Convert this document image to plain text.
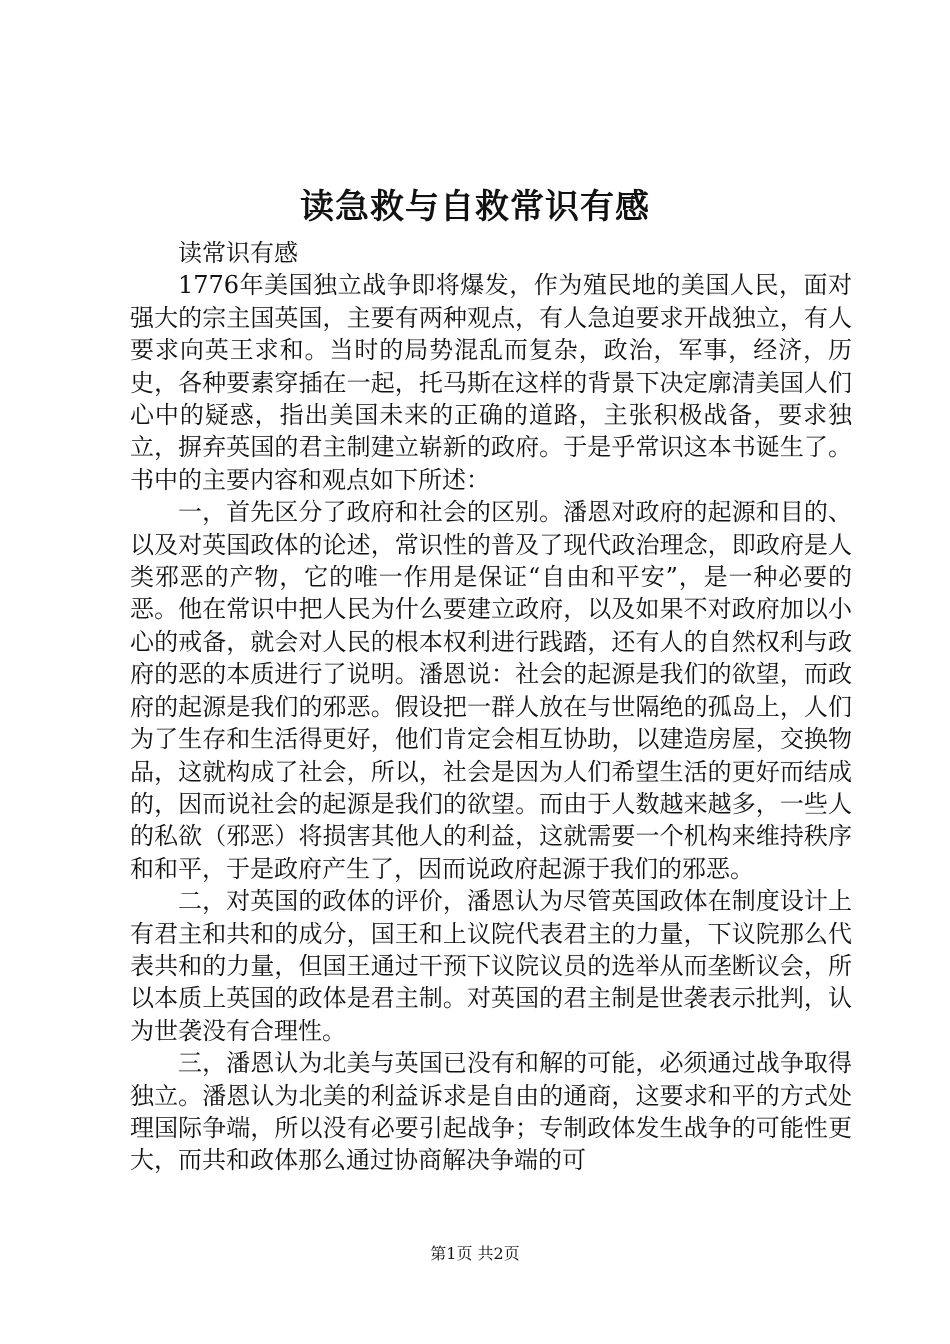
读急救与自救常识有感

读常识有感

1776年美国独立战争即将爆发，作为殖民地的美国人民，面对强大的宗主国英国，主要有两种观点，有人急迫要求开战独立，有人要求向英王求和。当时的局势混乱而复杂，政治，军事，经济，历史，各种要素穿插在一起，托马斯在这样的背景下决定廓清美国人们心中的疑惑，指出美国未来的正确的道路，主张积极战备，要求独立，摒弃英国的君主制建立崭新的政府。于是乎常识这本书诞生了。书中的主要内容和观点如下所述：

一，首先区分了政府和社会的区别。潘恩对政府的起源和目的、以及对英国政体的论述，常识性的普及了现代政治理念，即政府是人类邪恶的产物，它的唯一作用是保证“自由和平安”，是一种必要的恶。他在常识中把人民为什么要建立政府，以及如果不对政府加以小心的戒备，就会对人民的根本权利进行践踏，还有人的自然权利与政府的恶的本质进行了说明。潘恩说：社会的起源是我们的欲望，而政府的起源是我们的邪恶。假设把一群人放在与世隔绝的孤岛上，人们为了生存和生活得更好，他们肯定会相互协助，以建造房屋，交换物品，这就构成了社会，所以，社会是因为人们希望生活的更好而结成的，因而说社会的起源是我们的欲望。而由于人数越来越多，一些人的私欲（邪恶）将损害其他人的利益，这就需要一个机构来维持秩序和和平，于是政府产生了，因而说政府起源于我们的邪恶。

二，对英国的政体的评价，潘恩认为尽管英国政体在制度设计上有君主和共和的成分，国王和上议院代表君主的力量，下议院那么代表共和的力量，但国王通过干预下议院议员的选举从而垄断议会，所以本质上英国的政体是君主制。对英国的君主制是世袭表示批判，认为世袭没有合理性。

三，潘恩认为北美与英国已没有和解的可能，必须通过战争取得独立。潘恩认为北美的利益诉求是自由的通商，这要求和平的方式处理国际争端，所以没有必要引起战争；专制政体发生战争的可能性更大，而共和政体那么通过协商解决争端的可

第1页 共2页
